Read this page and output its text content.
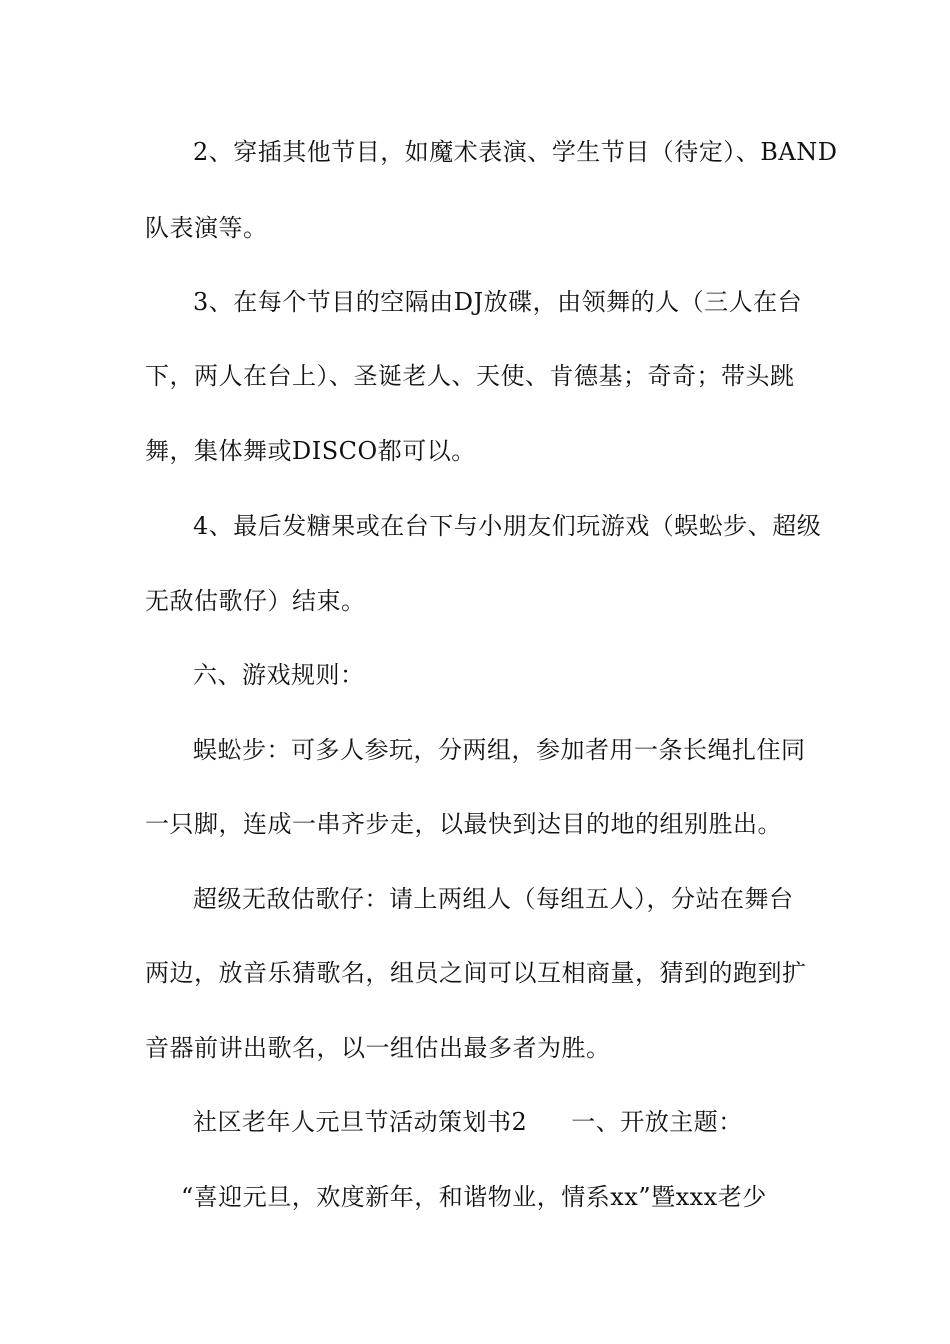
2、穿插其他节目，如魔术表演、学生节目（待定）、BAND
队表演等。
3、在每个节目的空隔由DJ放碟，由领舞的人（三人在台
下，两人在台上）、圣诞老人、天使、肯德基；奇奇；带头跳
舞，集体舞或DISCO都可以。
4、最后发糖果或在台下与小朋友们玩游戏（蜈蚣步、超级
无敌估歌仔）结束。
六、游戏规则：
蜈蚣步：可多人参玩，分两组，参加者用一条长绳扎住同
一只脚，连成一串齐步走，以最快到达目的地的组别胜出。
超级无敌估歌仔：请上两组人（每组五人），分站在舞台
两边，放音乐猜歌名，组员之间可以互相商量，猜到的跑到扩
音器前讲出歌名，以一组估出最多者为胜。
社区老年人元旦节活动策划书2 一、开放主题：
“喜迎元旦，欢度新年，和谐物业，情系xx”暨xxx老少
